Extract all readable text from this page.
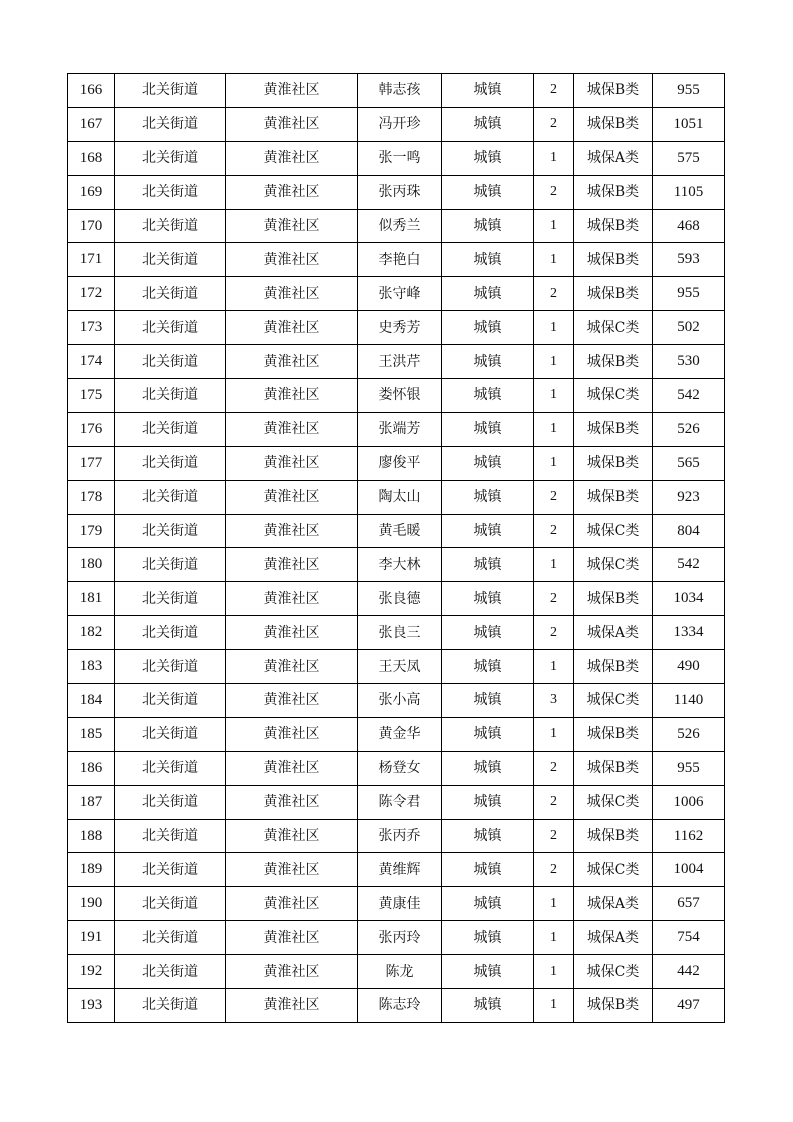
166	北关街道	黄淮社区	韩志孩	城镇	2	城保B类	955
167	北关街道	黄淮社区	冯开珍	城镇	2	城保B类	1051
168	北关街道	黄淮社区	张一鸣	城镇	1	城保A类	575
169	北关街道	黄淮社区	张丙珠	城镇	2	城保B类	1105
170	北关街道	黄淮社区	似秀兰	城镇	1	城保B类	468
171	北关街道	黄淮社区	李艳白	城镇	1	城保B类	593
172	北关街道	黄淮社区	张守峰	城镇	2	城保B类	955
173	北关街道	黄淮社区	史秀芳	城镇	1	城保C类	502
174	北关街道	黄淮社区	王洪芹	城镇	1	城保B类	530
175	北关街道	黄淮社区	娄怀银	城镇	1	城保C类	542
176	北关街道	黄淮社区	张端芳	城镇	1	城保B类	526
177	北关街道	黄淮社区	廖俊平	城镇	1	城保B类	565
178	北关街道	黄淮社区	陶太山	城镇	2	城保B类	923
179	北关街道	黄淮社区	黄毛暖	城镇	2	城保C类	804
180	北关街道	黄淮社区	李大林	城镇	1	城保C类	542
181	北关街道	黄淮社区	张良德	城镇	2	城保B类	1034
182	北关街道	黄淮社区	张良三	城镇	2	城保A类	1334
183	北关街道	黄淮社区	王天凤	城镇	1	城保B类	490
184	北关街道	黄淮社区	张小高	城镇	3	城保C类	1140
185	北关街道	黄淮社区	黄金华	城镇	1	城保B类	526
186	北关街道	黄淮社区	杨登女	城镇	2	城保B类	955
187	北关街道	黄淮社区	陈令君	城镇	2	城保C类	1006
188	北关街道	黄淮社区	张丙乔	城镇	2	城保B类	1162
189	北关街道	黄淮社区	黄维辉	城镇	2	城保C类	1004
190	北关街道	黄淮社区	黄康佳	城镇	1	城保A类	657
191	北关街道	黄淮社区	张丙玲	城镇	1	城保A类	754
192	北关街道	黄淮社区	陈龙	城镇	1	城保C类	442
193	北关街道	黄淮社区	陈志玲	城镇	1	城保B类	497
